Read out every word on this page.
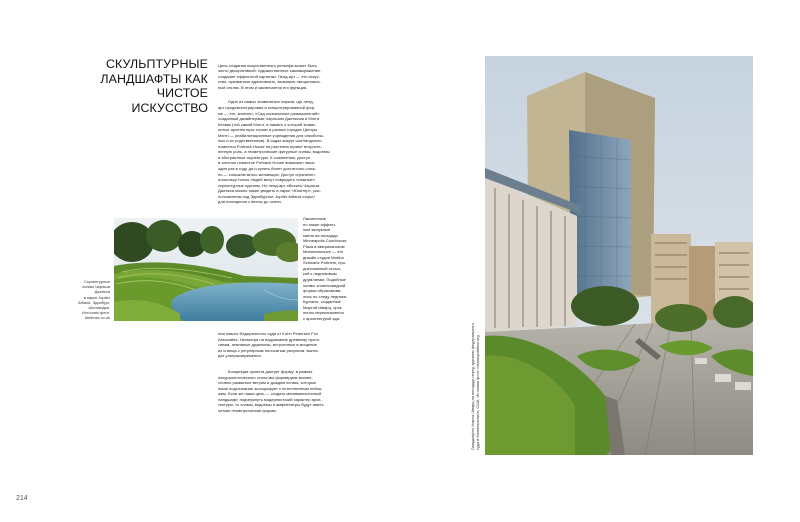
СКУЛЬПТУРНЫЕ
ЛАНДШАФТЫ КАК
ЧИСТОЕ ИСКУССТВО

Цель создания искусственного рельефа может быть
чисто декоративной: художественное самовыражение,
создание эффектной картинки. Ленд-арт — это искус-
ство, призванное вдохновлять, вызывать эмоциональ-
ный отклик. В этом и заключается его функция.

Один из самых знаменитых парков, где ленд-
арт продемонстрирован в концентрированной фор-
ме — это, конечно, «Сад космических размышлений»,
созданный дизайнерами Чарльзом Дженксом и Мэгги
Кесвик (той самой Мэгги, в память о которой знаме-
нитые архитекторы строят в разных городах Центры
Мэгги — реабилитационные учреждения для онкобоны-
ных и их родственников). В садах вокруг шотландского
поместья Portrack House на растения играют второсте-
пенную роль, а геометрические фигурные холмы, водоемы
и абстрактные скульптуры. К сожалению, доступ
в частное поместье Portrack House возможен лишь
один раз в году, да и купить билет достаточно слож-
но — слишком много желающих. Доступ ограничен,
поскольку толпы людей могут повредить «нежные»
скульптурные курганы. Но ленд-арт-объекты Чарльза
Дженкса можно также увидеть в парке «Юпитер», рас-
положенном под Эдинбургом. Jupiter Artland открыт
для посещения с весны до осени.

Скульптурные
холмы Чарльза
Дженкса
в парке Jupiter
Artland. Эдинбург,
Шотландия.
Источник фото:
thetimes.co.uk
Лаконичные,
но также эффект-
ные выпуклые
капли на площади
Minneapolis Courthouse
Plaza в американском
Миннеаполисе — это
дизайн студии Martha
Schwartz Partners, про-
диктованный отсыл-
кой к ледниковым
друмлинам. Подобные
холмы эллипсовидной
формы образовыва-
лись по следу ледника.
Курганы, созданные
Мартой Шварц, орга-
нично перекликаются
с архитектурой зда-
ния нового Федерального суда от Kohn Pedersen Fox
Associates. Несмотря на подражание древнему прото-
типам, земляные друмлины, встроенные в мощение
из сланца с регулярным полосатым рисунком, выгля-
дят ультрасовременно.
Концепция проекта диктует форму: в рамках
натуралистического стиля мы формируем мягкие,
словно размытые ветром и дождем холмы, которые
наше подсознание ассоциирует с естественным пейза-
жем. Если же наша цель — создать минималистичный
ландшафт, подчеркнуть модернистский характер архи-
тектуры, то холмы, водоемы и амфитеатры будут иметь
четкие геометрические формы.
Ландшафты Марты Шварц на площади перед зданием федерального
суда в Миннеаполисе, США. Источник фото: msmacpolitiksz.org
214
